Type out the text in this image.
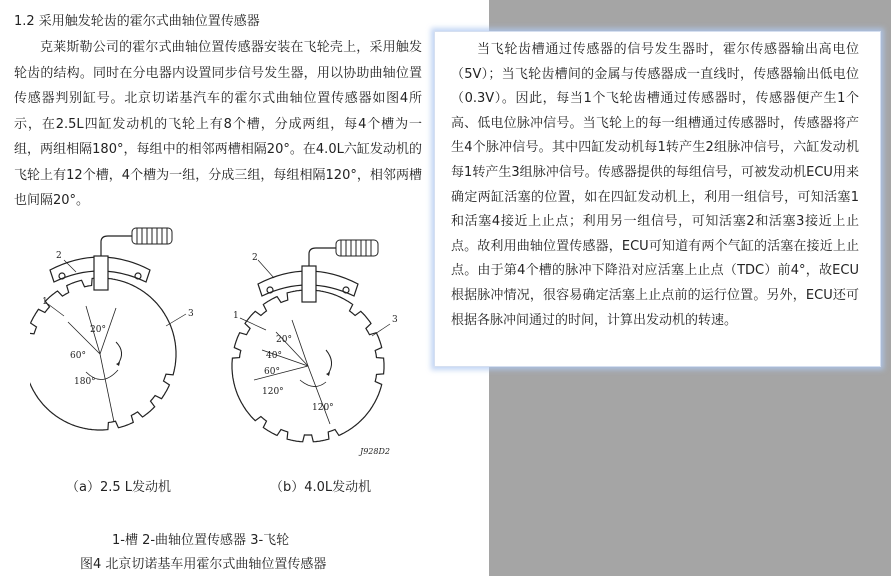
1.2 采用触发轮齿的霍尔式曲轴位置传感器

克莱斯勒公司的霍尔式曲轴位置传感器安装在飞轮壳上，采用触发轮齿的结构。同时在分电器内设置同步信号发生器，用以协助曲轴位置传感器判别缸号。北京切诺基汽车的霍尔式曲轴位置传感器如图4所示，在2.5L四缸发动机的飞轮上有8个槽，分成两组，每4个槽为一组，两组相隔180°，每组中的相邻两槽相隔20°。在4.0L六缸发动机的飞轮上有12个槽，4个槽为一组，分成三组，每组相隔120°，相邻两槽也间隔20°。

1
2
3
20°
60°
180°
1
2
3
20°
40°
60°
120°
120°
J928D2
（a）2.5 L发动机	（b）4.0L发动机
1-槽 2-曲轴位置传感器 3-飞轮
图4 北京切诺基车用霍尔式曲轴位置传感器

当飞轮齿槽通过传感器的信号发生器时，霍尔传感器输出高电位（5V）；当飞轮齿槽间的金属与传感器成一直线时，传感器输出低电位（0.3V）。因此，每当1个飞轮齿槽通过传感器时，传感器便产生1个高、低电位脉冲信号。当飞轮上的每一组槽通过传感器时，传感器将产生4个脉冲信号。其中四缸发动机每1转产生2组脉冲信号，六缸发动机每1转产生3组脉冲信号。传感器提供的每组信号，可被发动机ECU用来确定两缸活塞的位置，如在四缸发动机上，利用一组信号，可知活塞1和活塞4接近上止点；利用另一组信号，可知活塞2和活塞3接近上止点。故利用曲轴位置传感器，ECU可知道有两个气缸的活塞在接近上止点。由于第4个槽的脉冲下降沿对应活塞上止点（TDC）前4°，故ECU根据脉冲情况，很容易确定活塞上止点前的运行位置。另外，ECU还可根据各脉冲间通过的时间，计算出发动机的转速。
